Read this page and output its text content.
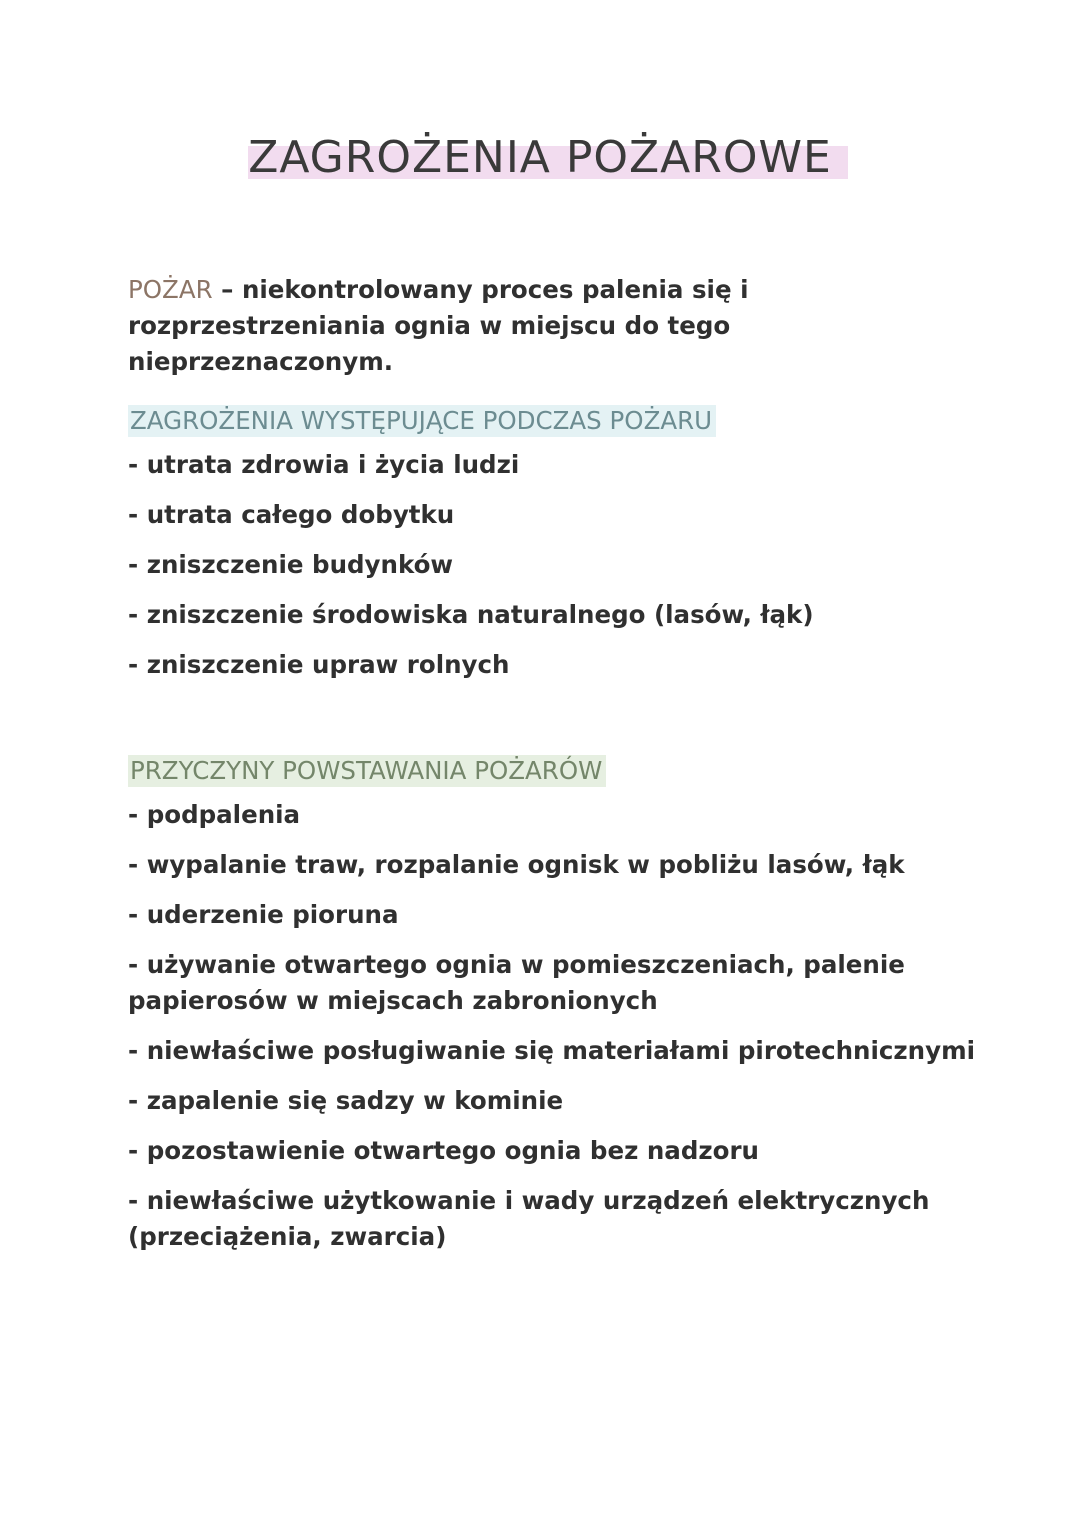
ZAGROŻENIA POŻAROWE
POŻAR – niekontrolowany proces palenia się i rozprzestrzeniania ognia w miejscu do tego nieprzeznaczonym.
ZAGROŻENIA WYSTĘPUJĄCE PODCZAS POŻARU
- utrata zdrowia i życia ludzi
- utrata całego dobytku
- zniszczenie budynków
- zniszczenie środowiska naturalnego (lasów, łąk)
- zniszczenie upraw rolnych
PRZYCZYNY POWSTAWANIA POŻARÓW
- podpalenia
- wypalanie traw, rozpalanie ognisk w pobliżu lasów, łąk
- uderzenie pioruna
- używanie otwartego ognia w pomieszczeniach, palenie papierosów w miejscach zabronionych
- niewłaściwe posługiwanie się materiałami pirotechnicznymi
- zapalenie się sadzy w kominie
- pozostawienie otwartego ognia bez nadzoru
- niewłaściwe użytkowanie i wady urządzeń elektrycznych (przeciążenia, zwarcia)
